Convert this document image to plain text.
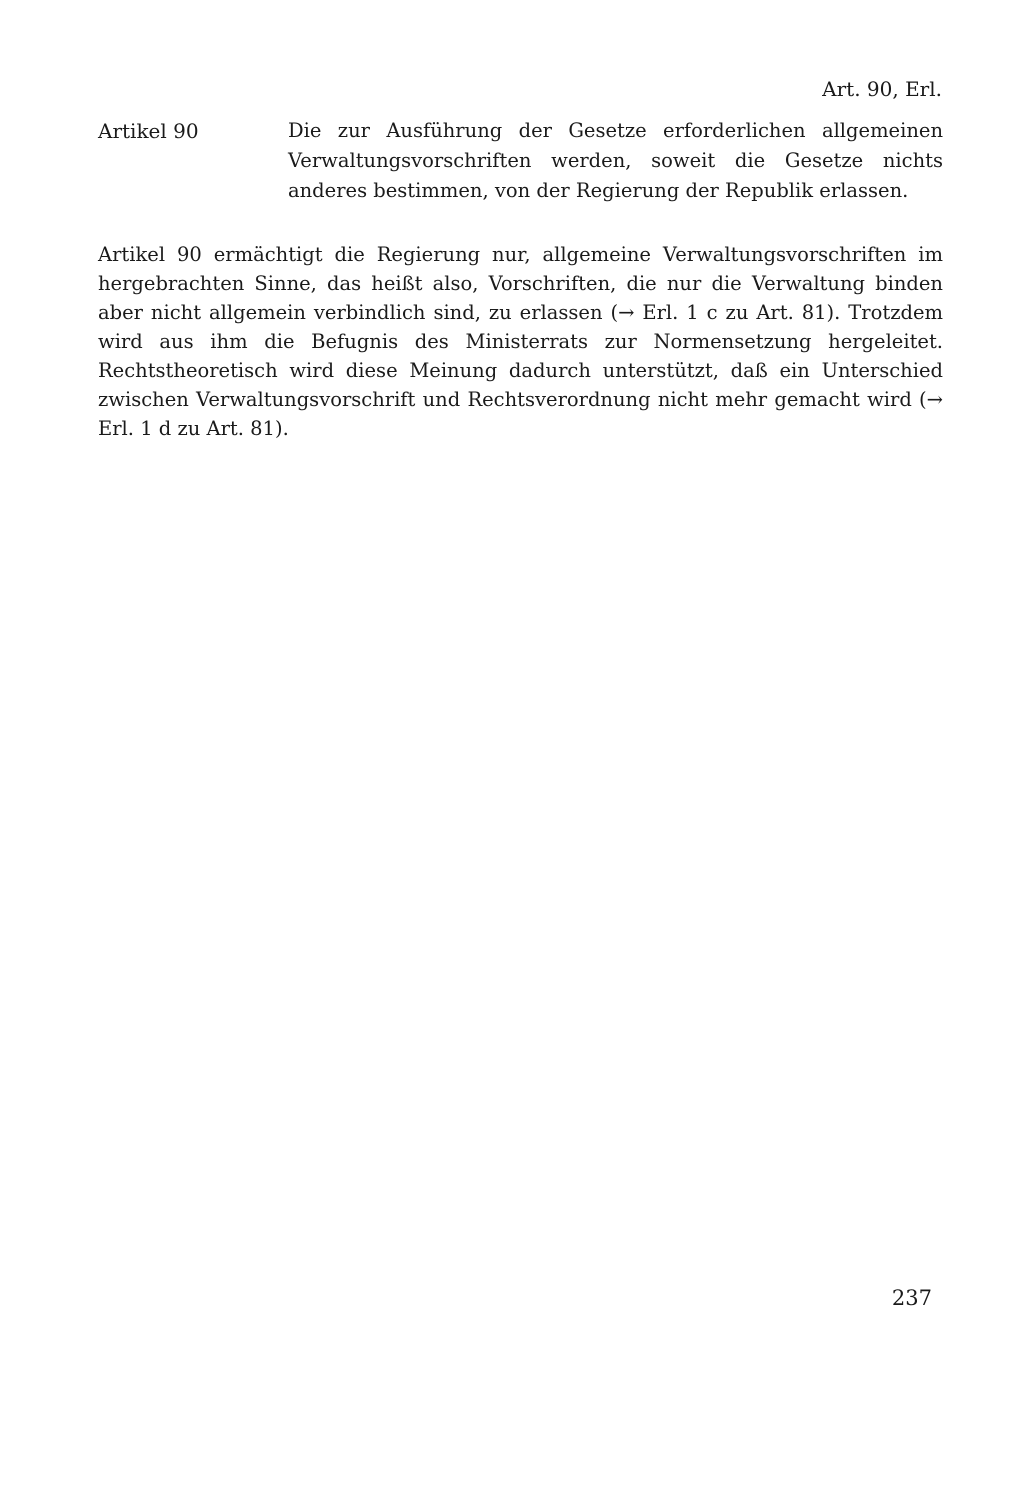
Art. 90, Erl.
Artikel 90	Die zur Ausführung der Gesetze erforderlichen allgemeinen Verwaltungsvorschriften werden, soweit die Gesetze nichts anderes bestimmen, von der Regierung der Republik erlassen.
Artikel 90 ermächtigt die Regierung nur, allgemeine Verwaltungsvorschriften im hergebrachten Sinne, das heißt also, Vorschriften, die nur die Verwaltung binden aber nicht allgemein verbindlich sind, zu erlassen (→ Erl. 1 c zu Art. 81). Trotzdem wird aus ihm die Befugnis des Ministerrats zur Normensetzung hergeleitet. Rechtstheoretisch wird diese Meinung dadurch unterstützt, daß ein Unterschied zwischen Verwaltungsvorschrift und Rechtsverordnung nicht mehr gemacht wird (→ Erl. 1 d zu Art. 81).
237
